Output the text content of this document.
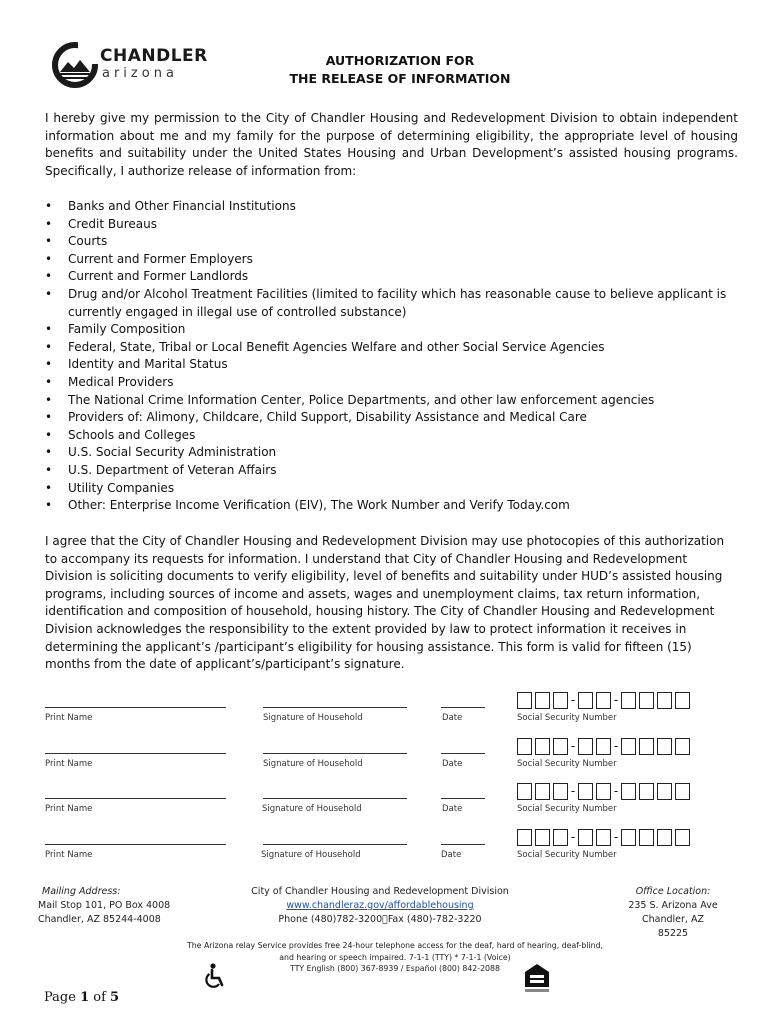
CHANDLER
arizona
AUTHORIZATION FOR
THE RELEASE OF INFORMATION
I hereby give my permission to the City of Chandler Housing and Redevelopment Division to obtain independent information about me and my family for the purpose of determining eligibility, the appropriate level of housing benefits and suitability under the United States Housing and Urban Development’s assisted housing programs. Specifically, I authorize release of information from:
• Banks and Other Financial Institutions
• Credit Bureaus
• Courts
• Current and Former Employers
• Current and Former Landlords
• Drug and/or Alcohol Treatment Facilities (limited to facility which has reasonable cause to believe applicant is currently engaged in illegal use of controlled substance)
• Family Composition
• Federal, State, Tribal or Local Benefit Agencies Welfare and other Social Service Agencies
• Identity and Marital Status
• Medical Providers
• The National Crime Information Center, Police Departments, and other law enforcement agencies
• Providers of: Alimony, Childcare, Child Support, Disability Assistance and Medical Care
• Schools and Colleges
• U.S. Social Security Administration
• U.S. Department of Veteran Affairs
• Utility Companies
• Other: Enterprise Income Verification (EIV), The Work Number and Verify Today.com
I agree that the City of Chandler Housing and Redevelopment Division may use photocopies of this authorization to accompany its requests for information. I understand that City of Chandler Housing and Redevelopment Division is soliciting documents to verify eligibility, level of benefits and suitability under HUD’s assisted housing programs, including sources of income and assets, wages and unemployment claims, tax return information, identification and composition of household, housing history. The City of Chandler Housing and Redevelopment Division acknowledges the responsibility to the extent provided by law to protect information it receives in determining the applicant’s /participant’s eligibility for housing assistance. This form is valid for fifteen (15) months from the date of applicant’s/participant’s signature.
-	-
Print Name	Signature of Household	Date	Social Security Number
-	-
Print Name	Signature of Household	Date	Social Security Number
-	-
Print Name	Signature of Household	Date	Social Security Number
-	-
Print Name	Signature of Household	Date	Social Security Number
Mailing Address:
Mail Stop 101, PO Box 4008
Chandler, AZ 85244-4008
City of Chandler Housing and Redevelopment Division
www.chandleraz.gov/affordablehousing
Phone (480)782-3200 Fax (480)-782-3220
Office Location:
235 S. Arizona Ave
Chandler, AZ 85225
The Arizona relay Service provides free 24-hour telephone access for the deaf, hard of hearing, deaf-blind,
and hearing or speech impaired. 7-1-1 (TTY) * 7-1-1 (Voice)
TTY English (800) 367-8939 / Español (800) 842-2088
Page 1 of 5
